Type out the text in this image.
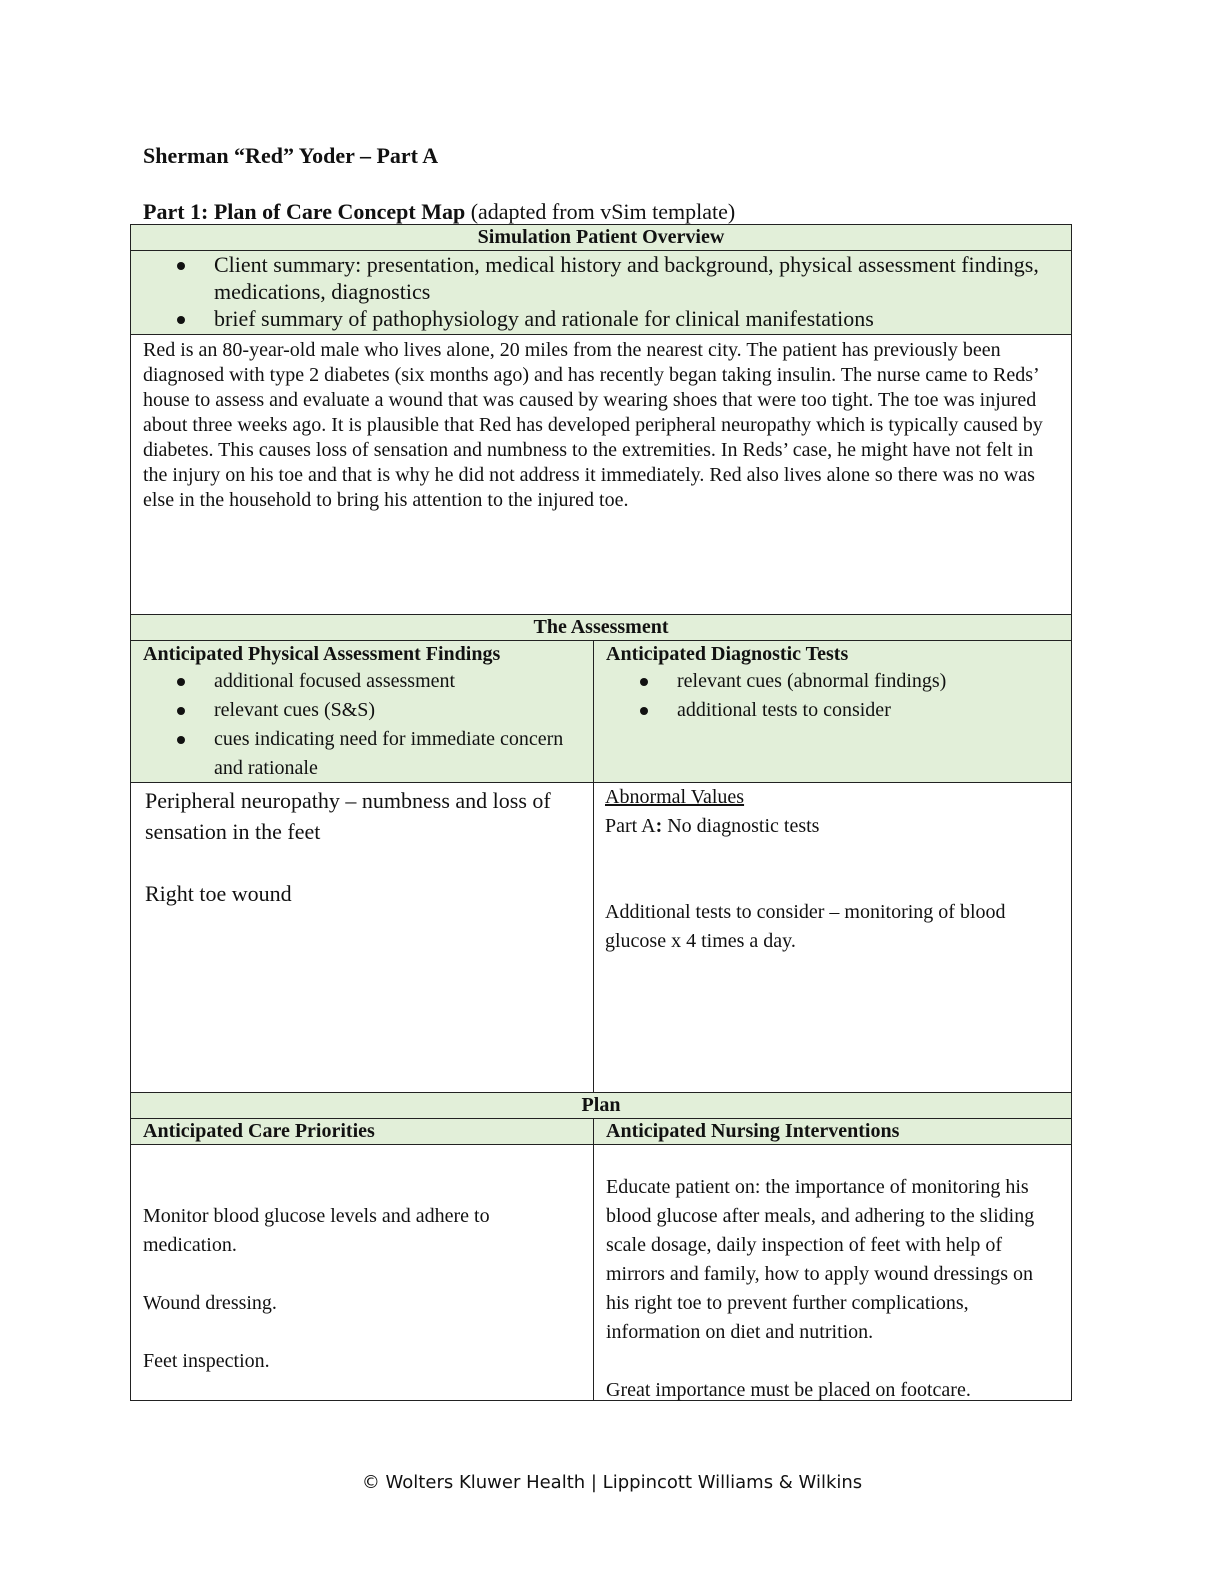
Sherman “Red” Yoder – Part A
Part 1: Plan of Care Concept Map (adapted from vSim template)
Simulation Patient Overview
Client summary: presentation, medical history and background, physical assessment findings, medications, diagnostics
brief summary of pathophysiology and rationale for clinical manifestations
Red is an 80-year-old male who lives alone, 20 miles from the nearest city. The patient has previously been diagnosed with type 2 diabetes (six months ago) and has recently began taking insulin. The nurse came to Reds’ house to assess and evaluate a wound that was caused by wearing shoes that were too tight. The toe was injured about three weeks ago. It is plausible that Red has developed peripheral neuropathy which is typically caused by diabetes. This causes loss of sensation and numbness to the extremities. In Reds’ case, he might have not felt in the injury on his toe and that is why he did not address it immediately. Red also lives alone so there was no was else in the household to bring his attention to the injured toe.
The Assessment
Anticipated Physical Assessment Findings
additional focused assessment
relevant cues (S&S)
cues indicating need for immediate concern and rationale
Anticipated Diagnostic Tests
relevant cues (abnormal findings)
additional tests to consider

Peripheral neuropathy – numbness and loss of sensation in the feet

Right toe wound

Abnormal Values

Part A: No diagnostic tests

Additional tests to consider – monitoring of blood glucose x 4 times a day.

Plan
Anticipated Care Priorities	Anticipated Nursing Interventions

Monitor blood glucose levels and adhere to medication.

Wound dressing.

Feet inspection.

Educate patient on: the importance of monitoring his blood glucose after meals, and adhering to the sliding scale dosage, daily inspection of feet with help of mirrors and family, how to apply wound dressings on his right toe to prevent further complications, information on diet and nutrition.

Great importance must be placed on footcare.

© Wolters Kluwer Health | Lippincott Williams & Wilkins
